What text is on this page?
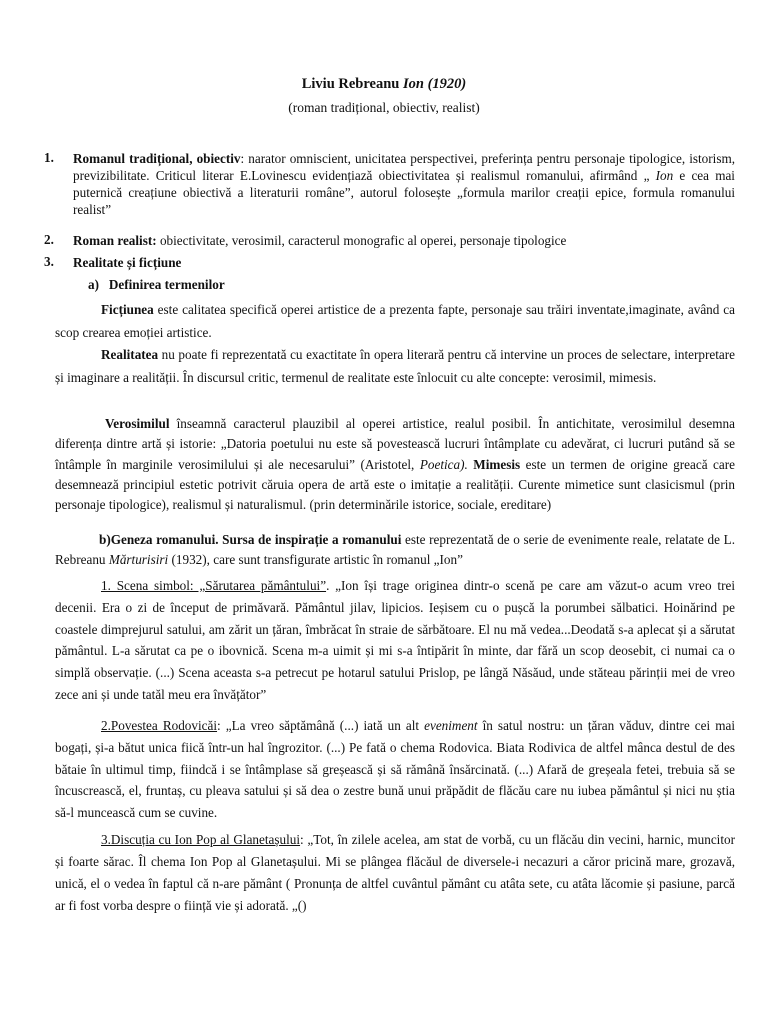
Liviu Rebreanu Ion (1920)
(roman tradițional, obiectiv, realist)
1. Romanul tradițional, obiectiv: narator omniscient, unicitatea perspectivei, preferința pentru personaje tipologice, istorism, previzibilitate. Criticul literar E.Lovinescu evidențiază obiectivitatea și realismul romanului, afirmând „ Ion e cea mai puternică creațiune obiectivă a literaturii române”, autorul folosește „formula marilor creații epice, formula romanului realist”
2. Roman realist: obiectivitate, verosimil, caracterul monografic al operei, personaje tipologice
3. Realitate și ficțiune
a)   Definirea termenilor
Ficțiunea este calitatea specifică operei artistice de a prezenta fapte, personaje sau trăiri inventate,imaginate, având ca scop crearea emoției artistice.
Realitatea nu poate fi reprezentată cu exactitate în opera literară pentru că intervine un proces de selectare, interpretare și imaginare a realității. În discursul critic, termenul de realitate este înlocuit cu alte concepte: verosimil, mimesis.
Verosimilul înseamnă caracterul plauzibil al operei artistice, realul posibil. În antichitate, verosimilul desemna diferența dintre artă și istorie: „Datoria poetului nu este să povestească lucruri întâmplate cu adevărat, ci lucruri putând să se întâmple în marginile verosimilului și ale necesarului” (Aristotel, Poetica). Mimesis este un termen de origine greacă care desemnează principiul estetic potrivit căruia opera de artă este o imitație a realității. Curente mimetice sunt clasicismul (prin personaje tipologice), realismul și naturalismul. (prin determinările istorice, sociale, ereditare)
b)Geneza romanului. Sursa de inspirație a romanului este reprezentată de o serie de evenimente reale, relatate de L. Rebreanu Mărturisiri (1932), care sunt transfigurate artistic în romanul „Ion”
1. Scena simbol: „Sărutarea pământului”. „Ion își trage originea dintr-o scenă pe care am văzut-o acum vreo trei decenii. Era o zi de început de primăvară. Pământul jilav, lipicios. Ieșisem cu o pușcă la porumbei sălbatici. Hoinărind pe coastele dimprejurul satului, am zărit un țăran, îmbrăcat în straie de sărbătoare. El nu mă vedea...Deodată s-a aplecat și a sărutat pământul. L-a sărutat ca pe o ibovnică. Scena m-a uimit și mi s-a întipărit în minte, dar fără un scop deosebit, ci numai ca o simplă observație. (...) Scena aceasta s-a petrecut pe hotarul satului Prislop, pe lângă Năsăud, unde stăteau părinții mei de vreo zece ani și unde tatăl meu era învățător”
2.Povestea Rodovicăi: „La vreo săptămână (...) iată un alt eveniment în satul nostru: un țăran văduv, dintre cei mai bogați, și-a bătut unica fiică într-un hal îngrozitor. (...) Pe fată o chema Rodovica. Biata Rodivica de altfel mânca destul de des bătaie în ultimul timp, fiindcă i se întâmplase să greșească și să rămână însărcinată. (...) Afară de greșeala fetei, trebuia să se încuscrească, el, fruntaș, cu pleava satului și să dea o zestre bună unui prăpădit de flăcău care nu iubea pământul și nici nu știa să-l muncească cum se cuvine.
3.Discuția cu Ion Pop al Glanetașului: „Tot, în zilele acelea, am stat de vorbă, cu un flăcău din vecini, harnic, muncitor și foarte sărac. Îl chema Ion Pop al Glanetașului. Mi se plângea flăcăul de diversele-i necazuri a căror pricină mare, grozavă, unică, el o vedea în faptul că n-are pământ ( Pronunța de altfel cuvântul pământ cu atâta sete, cu atâta lăcomie și pasiune, parcă ar fi fost vorba despre o ființă vie și adorată. „()
